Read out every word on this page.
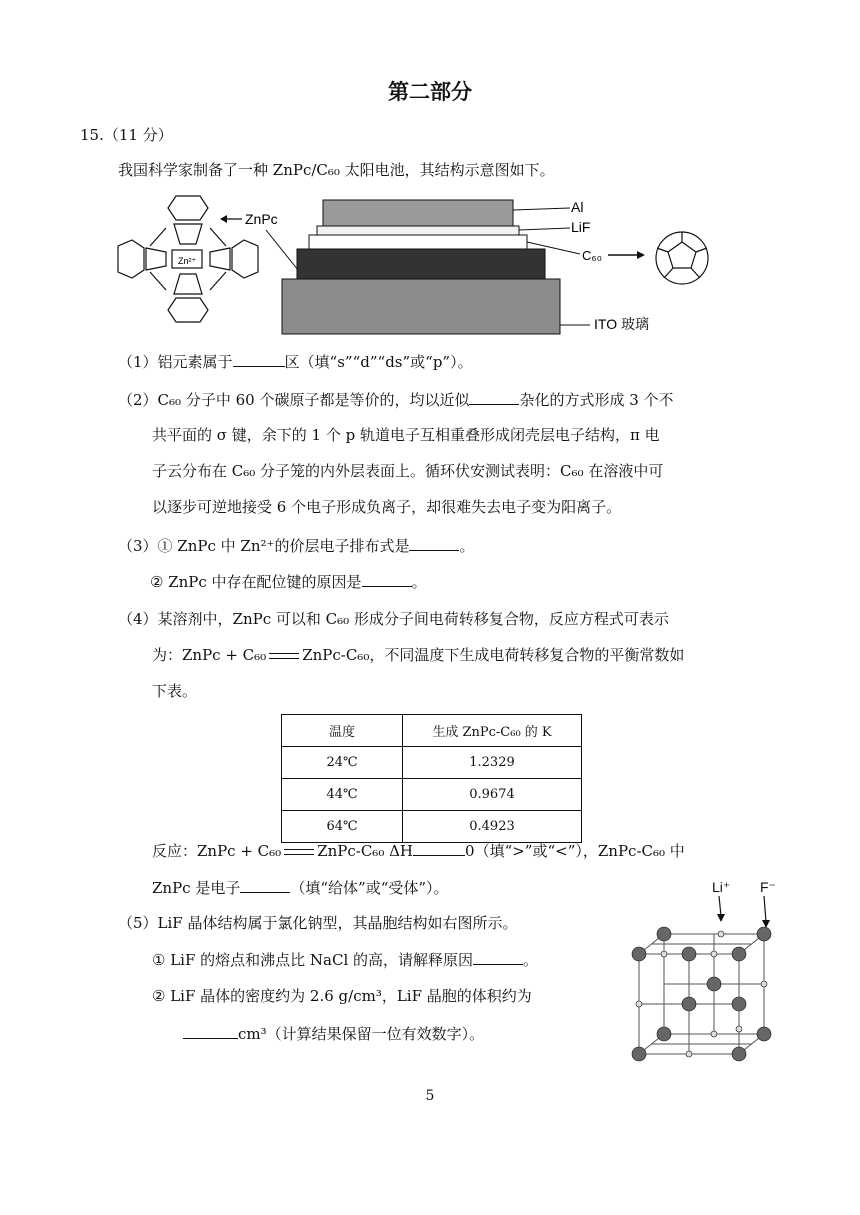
第二部分
15.（11 分）
我国科学家制备了一种 ZnPc/C₆₀ 太阳电池，其结构示意图如下。
Zn²⁺
ZnPc
Al
LiF
C₆₀
ITO 玻璃
（1）铝元素属于	区（填“s”“d”“ds”或“p”）。
（2）C₆₀ 分子中 60 个碳原子都是等价的，均以近似	杂化的方式形成 3 个不
共平面的 σ 键，余下的 1 个 p 轨道电子互相重叠形成闭壳层电子结构，π 电
子云分布在 C₆₀ 分子笼的内外层表面上。循环伏安测试表明：C₆₀ 在溶液中可
以逐步可逆地接受 6 个电子形成负离子，却很难失去电子变为阳离子。
（3）① ZnPc 中 Zn²⁺的价层电子排布式是	。
② ZnPc 中存在配位键的原因是	。
（4）某溶剂中，ZnPc 可以和 C₆₀ 形成分子间电荷转移复合物，反应方程式可表示
为：ZnPc + C₆₀ ZnPc-C₆₀，不同温度下生成电荷转移复合物的平衡常数如
下表。
温度	生成 ZnPc-C₆₀ 的 K
24℃	1.2329
44℃	0.9674
64℃	0.4923
反应：ZnPc + C₆₀ ZnPc-C₆₀ ΔH	0（填“>”或“<”），ZnPc-C₆₀ 中
ZnPc 是电子	（填“给体”或“受体”）。
（5）LiF 晶体结构属于氯化钠型，其晶胞结构如右图所示。
① LiF 的熔点和沸点比 NaCl 的高，请解释原因	。
② LiF 晶体的密度约为 2.6 g/cm³，LiF 晶胞的体积约为
cm³（计算结果保留一位有效数字）。
Li⁺ F⁻
5
